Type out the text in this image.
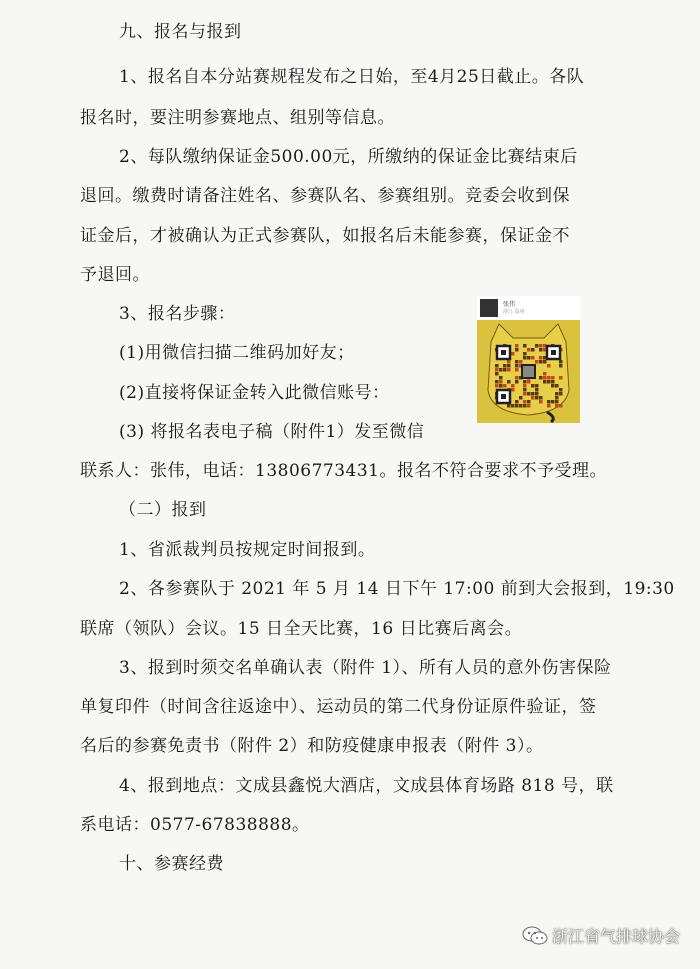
九、报名与报到
1、报名自本分站赛规程发布之日始，至4月25日截止。各队
报名时，要注明参赛地点、组别等信息。
2、每队缴纳保证金500.00元，所缴纳的保证金比赛结束后
退回。缴费时请备注姓名、参赛队名、参赛组别。竞委会收到保
证金后，才被确认为正式参赛队，如报名后未能参赛，保证金不
予退回。
3、报名步骤：
(1)用微信扫描二维码加好友；
(2)直接将保证金转入此微信账号：
(3) 将报名表电子稿（附件1）发至微信
联系人：张伟，电话：13806773431。报名不符合要求不予受理。
（二）报到
1、省派裁判员按规定时间报到。
2、各参赛队于 2021 年 5 月 14 日下午 17:00 前到大会报到，19:30
联席（领队）会议。15 日全天比赛，16 日比赛后离会。
3、报到时须交名单确认表（附件 1）、所有人员的意外伤害保险
单复印件（时间含往返途中）、运动员的第二代身份证原件验证，签
名后的参赛免责书（附件 2）和防疫健康申报表（附件 3）。
4、报到地点：文成县鑫悦大酒店，文成县体育场路 818 号，联
系电话：0577-67838888。
十、参赛经费
张伟
浙江 温州
浙江省气排球协会
